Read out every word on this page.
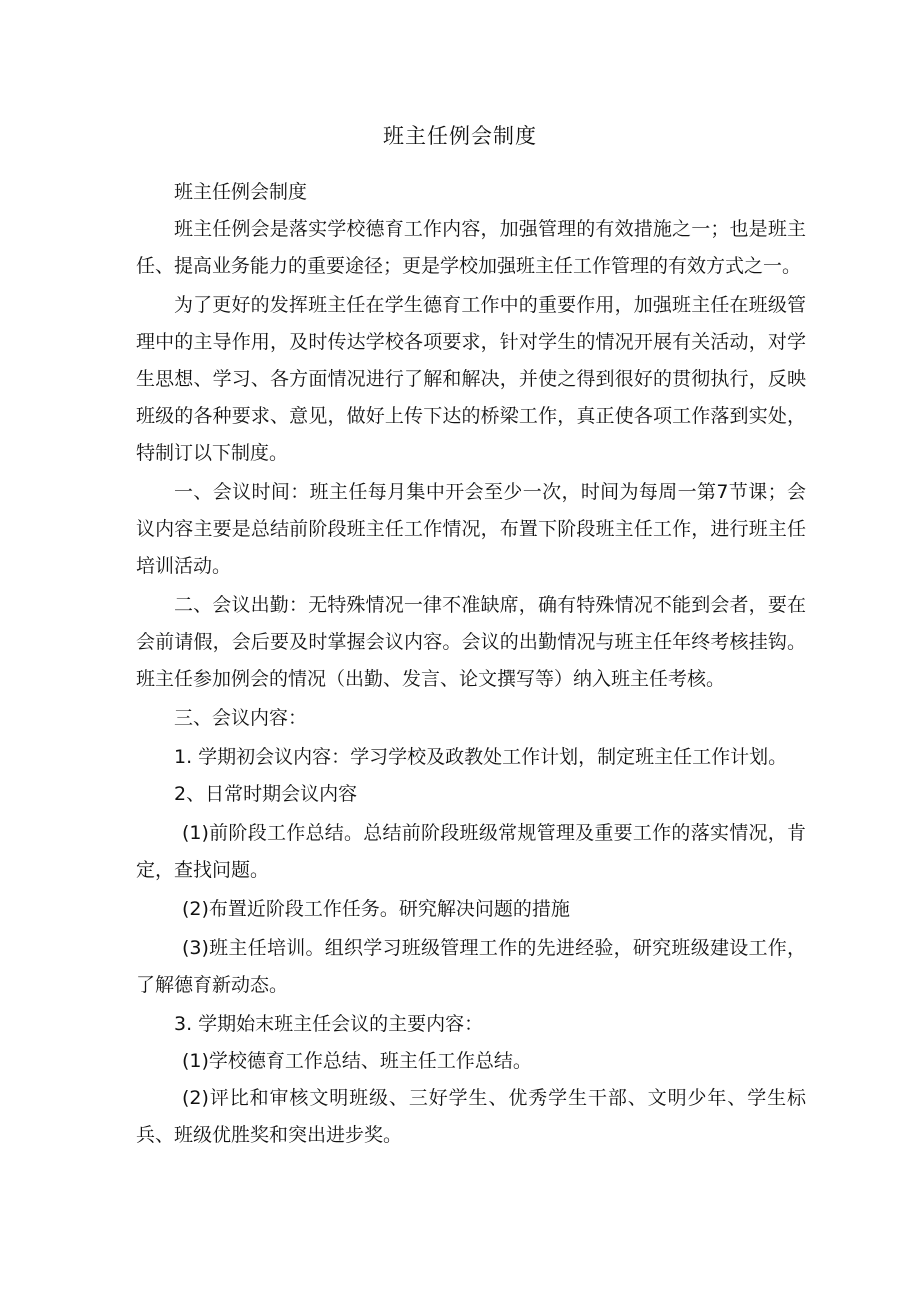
班主任例会制度

班主任例会制度

班主任例会是落实学校德育工作内容，加强管理的有效措施之一；也是班主任、提高业务能力的重要途径；更是学校加强班主任工作管理的有效方式之一。

为了更好的发挥班主任在学生德育工作中的重要作用，加强班主任在班级管理中的主导作用，及时传达学校各项要求，针对学生的情况开展有关活动，对学生思想、学习、各方面情况进行了解和解决，并使之得到很好的贯彻执行，反映班级的各种要求、意见，做好上传下达的桥梁工作，真正使各项工作落到实处，特制订以下制度。

一、会议时间：班主任每月集中开会至少一次，时间为每周一第7节课；会议内容主要是总结前阶段班主任工作情况，布置下阶段班主任工作，进行班主任培训活动。

二、会议出勤：无特殊情况一律不准缺席，确有特殊情况不能到会者，要在会前请假，会后要及时掌握会议内容。会议的出勤情况与班主任年终考核挂钩。班主任参加例会的情况（出勤、发言、论文撰写等）纳入班主任考核。

三、会议内容：

1. 学期初会议内容：学习学校及政教处工作计划，制定班主任工作计划。

2、日常时期会议内容

(1)前阶段工作总结。总结前阶段班级常规管理及重要工作的落实情况，肯定，查找问题。

(2)布置近阶段工作任务。研究解决问题的措施

(3)班主任培训。组织学习班级管理工作的先进经验，研究班级建设工作，了解德育新动态。

3. 学期始末班主任会议的主要内容：

(1)学校德育工作总结、班主任工作总结。

(2)评比和审核文明班级、三好学生、优秀学生干部、文明少年、学生标兵、班级优胜奖和突出进步奖。
